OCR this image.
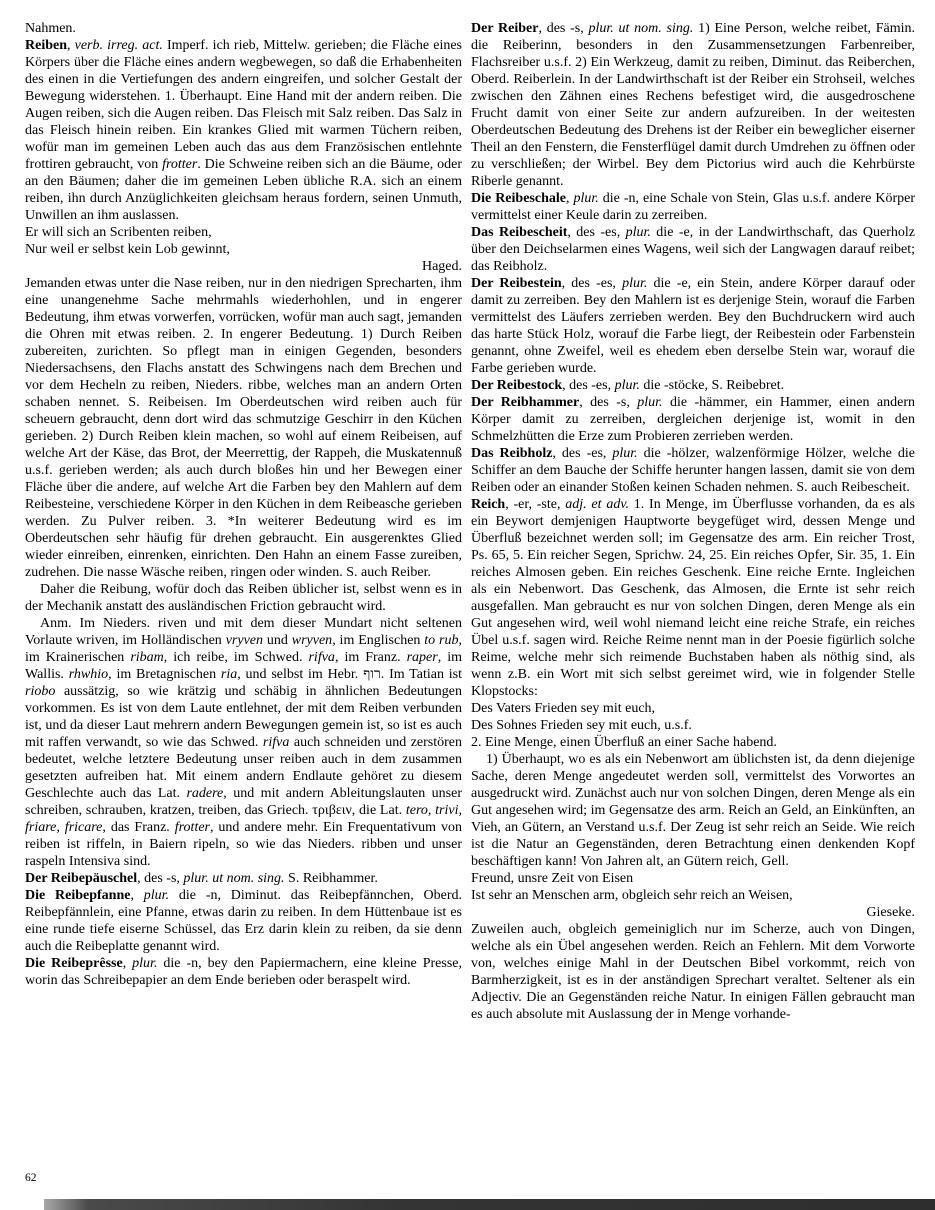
Nahmen.

Reiben, verb. irreg. act. Imperf. ich rieb, Mittelw. gerieben; die Fläche eines Körpers über die Fläche eines andern wegbewegen, so daß die Erhabenheiten des einen in die Vertiefungen des andern eingreifen, und solcher Gestalt der Bewegung widerstehen. 1. Überhaupt. Eine Hand mit der andern reiben. Die Augen reiben, sich die Augen reiben. Das Fleisch mit Salz reiben. Das Salz in das Fleisch hinein reiben. Ein krankes Glied mit warmen Tüchern reiben, wofür man im gemeinen Leben auch das aus dem Französischen entlehnte frottiren gebraucht, von frotter. Die Schweine reiben sich an die Bäume, oder an den Bäumen; daher die im gemeinen Leben übliche R.A. sich an einem reiben, ihn durch Anzüglichkeiten gleichsam heraus fordern, seinen Unmuth, Unwillen an ihm auslassen.

Er will sich an Scribenten reiben,

Nur weil er selbst kein Lob gewinnt,

Haged.

Jemanden etwas unter die Nase reiben, nur in den niedrigen Sprecharten, ihm eine unangenehme Sache mehrmahls wiederhohlen, und in engerer Bedeutung, ihm etwas vorwerfen, vorrücken, wofür man auch sagt, jemanden die Ohren mit etwas reiben. 2. In engerer Bedeutung. 1) Durch Reiben zubereiten, zurichten. So pflegt man in einigen Gegenden, besonders Niedersachsens, den Flachs anstatt des Schwingens nach dem Brechen und vor dem Hecheln zu reiben, Nieders. ribbe, welches man an andern Orten schaben nennet. S. Reibeisen. Im Oberdeutschen wird reiben auch für scheuern gebraucht, denn dort wird das schmutzige Geschirr in den Küchen gerieben. 2) Durch Reiben klein machen, so wohl auf einem Reibeisen, auf welche Art der Käse, das Brot, der Meerrettig, der Rappeh, die Muskatennuß u.s.f. gerieben werden; als auch durch bloßes hin und her Bewegen einer Fläche über die andere, auf welche Art die Farben bey den Mahlern auf dem Reibesteine, verschiedene Körper in den Küchen in dem Reibeasche gerieben werden. Zu Pulver reiben. 3. *In weiterer Bedeutung wird es im Oberdeutschen sehr häufig für drehen gebraucht. Ein ausgerenktes Glied wieder einreiben, einrenken, einrichten. Den Hahn an einem Fasse zureiben, zudrehen. Die nasse Wäsche reiben, ringen oder winden. S. auch Reiber.

Daher die Reibung, wofür doch das Reiben üblicher ist, selbst wenn es in der Mechanik anstatt des ausländischen Friction gebraucht wird.

Anm. Im Nieders. riven und mit dem dieser Mundart nicht seltenen Vorlaute wriven, im Holländischen vryven und wryven, im Englischen to rub, im Krainerischen ribam, ich reibe, im Schwed. rifva, im Franz. raper, im Wallis. rhwhio, im Bretagnischen ria, und selbst im Hebr. רוף. Im Tatian ist riobo aussätzig, so wie krätzig und schäbig in ähnlichen Bedeutungen vorkommen. Es ist von dem Laute entlehnet, der mit dem Reiben verbunden ist, und da dieser Laut mehrern andern Bewegungen gemein ist, so ist es auch mit raffen verwandt, so wie das Schwed. rifva auch schneiden und zerstören bedeutet, welche letztere Bedeutung unser reiben auch in dem zusammen gesetzten aufreiben hat. Mit einem andern Endlaute gehöret zu diesem Geschlechte auch das Lat. radere, und mit andern Ableitungslauten unser schreiben, schrauben, kratzen, treiben, das Griech. τριβειν, die Lat. tero, trivi, friare, fricare, das Franz. frotter, und andere mehr. Ein Frequentativum von reiben ist riffeln, in Baiern ripeln, so wie das Nieders. ribben und unser raspeln Intensiva sind.

Der Reibepäuschel, des -s, plur. ut nom. sing. S. Reibhammer.

Die Reibepfanne, plur. die -n, Diminut. das Reibepfännchen, Oberd. Reibepfännlein, eine Pfanne, etwas darin zu reiben. In dem Hüttenbaue ist es eine runde tiefe eiserne Schüssel, das Erz darin klein zu reiben, da sie denn auch die Reibeplatte genannt wird.

Die Reibeprêsse, plur. die -n, bey den Papiermachern, eine kleine Presse, worin das Schreibepapier an dem Ende berieben oder beraspelt wird.

Der Reiber, des -s, plur. ut nom. sing. 1) Eine Person, welche reibet, Fämin. die Reiberinn, besonders in den Zusammensetzungen Farbenreiber, Flachsreiber u.s.f. 2) Ein Werkzeug, damit zu reiben, Diminut. das Reiberchen, Oberd. Reiberlein. In der Landwirthschaft ist der Reiber ein Strohseil, welches zwischen den Zähnen eines Rechens befestiget wird, die ausgedroschene Frucht damit von einer Seite zur andern aufzureiben. In der weitesten Oberdeutschen Bedeutung des Drehens ist der Reiber ein beweglicher eiserner Theil an den Fenstern, die Fensterflügel damit durch Umdrehen zu öffnen oder zu verschließen; der Wirbel. Bey dem Pictorius wird auch die Kehrbürste Riberle genannt.

Die Reibeschale, plur. die -n, eine Schale von Stein, Glas u.s.f. andere Körper vermittelst einer Keule darin zu zerreiben.

Das Reibescheit, des -es, plur. die -e, in der Landwirthschaft, das Querholz über den Deichselarmen eines Wagens, weil sich der Langwagen darauf reibet; das Reibholz.

Der Reibestein, des -es, plur. die -e, ein Stein, andere Körper darauf oder damit zu zerreiben. Bey den Mahlern ist es derjenige Stein, worauf die Farben vermittelst des Läufers zerrieben werden. Bey den Buchdruckern wird auch das harte Stück Holz, worauf die Farbe liegt, der Reibestein oder Farbenstein genannt, ohne Zweifel, weil es ehedem eben derselbe Stein war, worauf die Farbe gerieben wurde.

Der Reibestock, des -es, plur. die -stöcke, S. Reibebret.

Der Reibhammer, des -s, plur. die -hämmer, ein Hammer, einen andern Körper damit zu zerreiben, dergleichen derjenige ist, womit in den Schmelzhütten die Erze zum Probieren zerrieben werden.

Das Reibholz, des -es, plur. die -hölzer, walzenförmige Hölzer, welche die Schiffer an dem Bauche der Schiffe herunter hangen lassen, damit sie von dem Reiben oder an einander Stoßen keinen Schaden nehmen. S. auch Reibescheit.

Reich, -er, -ste, adj. et adv. 1. In Menge, im Überflusse vorhanden, da es als ein Beywort demjenigen Hauptworte beygefüget wird, dessen Menge und Überfluß bezeichnet werden soll; im Gegensatze des arm. Ein reicher Trost, Ps. 65, 5. Ein reicher Segen, Sprichw. 24, 25. Ein reiches Opfer, Sir. 35, 1. Ein reiches Almosen geben. Ein reiches Geschenk. Eine reiche Ernte. Ingleichen als ein Nebenwort. Das Geschenk, das Almosen, die Ernte ist sehr reich ausgefallen. Man gebraucht es nur von solchen Dingen, deren Menge als ein Gut angesehen wird, weil wohl niemand leicht eine reiche Strafe, ein reiches Übel u.s.f. sagen wird. Reiche Reime nennt man in der Poesie figürlich solche Reime, welche mehr sich reimende Buchstaben haben als nöthig sind, als wenn z.B. ein Wort mit sich selbst gereimet wird, wie in folgender Stelle Klopstocks:

Des Vaters Frieden sey mit euch,

Des Sohnes Frieden sey mit euch, u.s.f.

2. Eine Menge, einen Überfluß an einer Sache habend.

1) Überhaupt, wo es als ein Nebenwort am üblichsten ist, da denn diejenige Sache, deren Menge angedeutet werden soll, vermittelst des Vorwortes an ausgedruckt wird. Zunächst auch nur von solchen Dingen, deren Menge als ein Gut angesehen wird; im Gegensatze des arm. Reich an Geld, an Einkünften, an Vieh, an Gütern, an Verstand u.s.f. Der Zeug ist sehr reich an Seide. Wie reich ist die Natur an Gegenständen, deren Betrachtung einen denkenden Kopf beschäftigen kann! Von Jahren alt, an Gütern reich, Gell.

Freund, unsre Zeit von Eisen

Ist sehr an Menschen arm, obgleich sehr reich an Weisen,

Gieseke.

Zuweilen auch, obgleich gemeiniglich nur im Scherze, auch von Dingen, welche als ein Übel angesehen werden. Reich an Fehlern. Mit dem Vorworte von, welches einige Mahl in der Deutschen Bibel vorkommt, reich von Barmherzigkeit, ist es in der anständigen Sprechart veraltet. Seltener als ein Adjectiv. Die an Gegenständen reiche Natur. In einigen Fällen gebraucht man es auch absolute mit Auslassung der in Menge vorhande-

62
